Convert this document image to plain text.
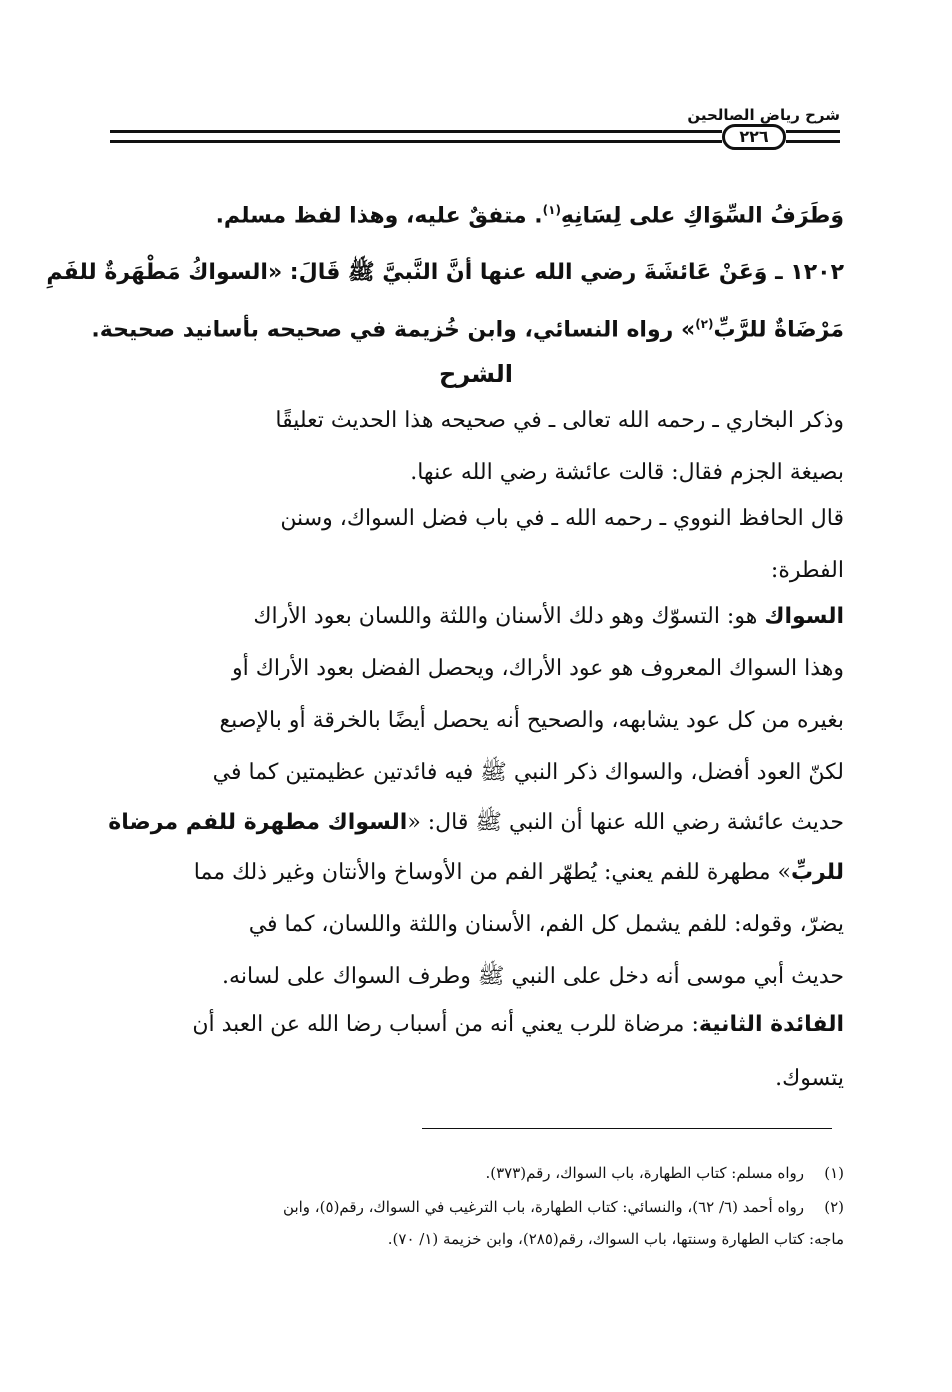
شرح رياض الصالحين
٢٢٦
وَطَرَفُ السِّوَاكِ على لِسَانِهِ$^{(١)}$. متفقٌ عليه، وهذا لفظ مسلم.
١٢٠٢ ـ وَعَنْ عَائشَةَ رضي الله عنها أنَّ النَّبيَّ ﷺ قَالَ: «السواكُ مَطْهَرةٌ للفَمِ
مَرْضَاةٌ للرَّبِّ$^{(٢)}$» رواه النسائي، وابن خُزيمة في صحيحه بأسانيد صحيحة.
وذكر البخاري ـ رحمه الله تعالى ـ في صحيحه هذا الحديث تعليقًا
بصيغة الجزم فقال: قالت عائشة رضي الله عنها.
قال الحافظ النووي ـ رحمه الله ـ في باب فضل السواك، وسنن
الفطرة:
السواك هو: التسوّك وهو دلك الأسنان واللثة واللسان بعود الأراك
وهذا السواك المعروف هو عود الأراك، ويحصل الفضل بعود الأراك أو
بغيره من كل عود يشابهه، والصحيح أنه يحصل أيضًا بالخرقة أو بالإصبع
لكنّ العود أفضل، والسواك ذكر النبي ﷺ فيه فائدتين عظيمتين كما في
حديث عائشة رضي الله عنها أن النبي ﷺ قال: «السواك مطهرة للفم مرضاة
للربِّ» مطهرة للفم يعني: يُطهّر الفم من الأوساخ والأنتان وغير ذلك مما
يضرّ، وقوله: للفم يشمل كل الفم، الأسنان واللثة واللسان، كما في
حديث أبي موسى أنه دخل على النبي ﷺ وطرف السواك على لسانه.
الفائدة الثانية: مرضاة للرب يعني أنه من أسباب رضا الله عن العبد أن
يتسوك.
الشرح
(١)رواه مسلم: كتاب الطهارة، باب السواك، رقم(٣٧٣).
(٢)رواه أحمد (٦/ ٦٢)، والنسائي: كتاب الطهارة، باب الترغيب في السواك، رقم(٥)، وابن
ماجه: كتاب الطهارة وسنتها، باب السواك، رقم(٢٨٥)، وابن خزيمة (١/ ٧٠).
